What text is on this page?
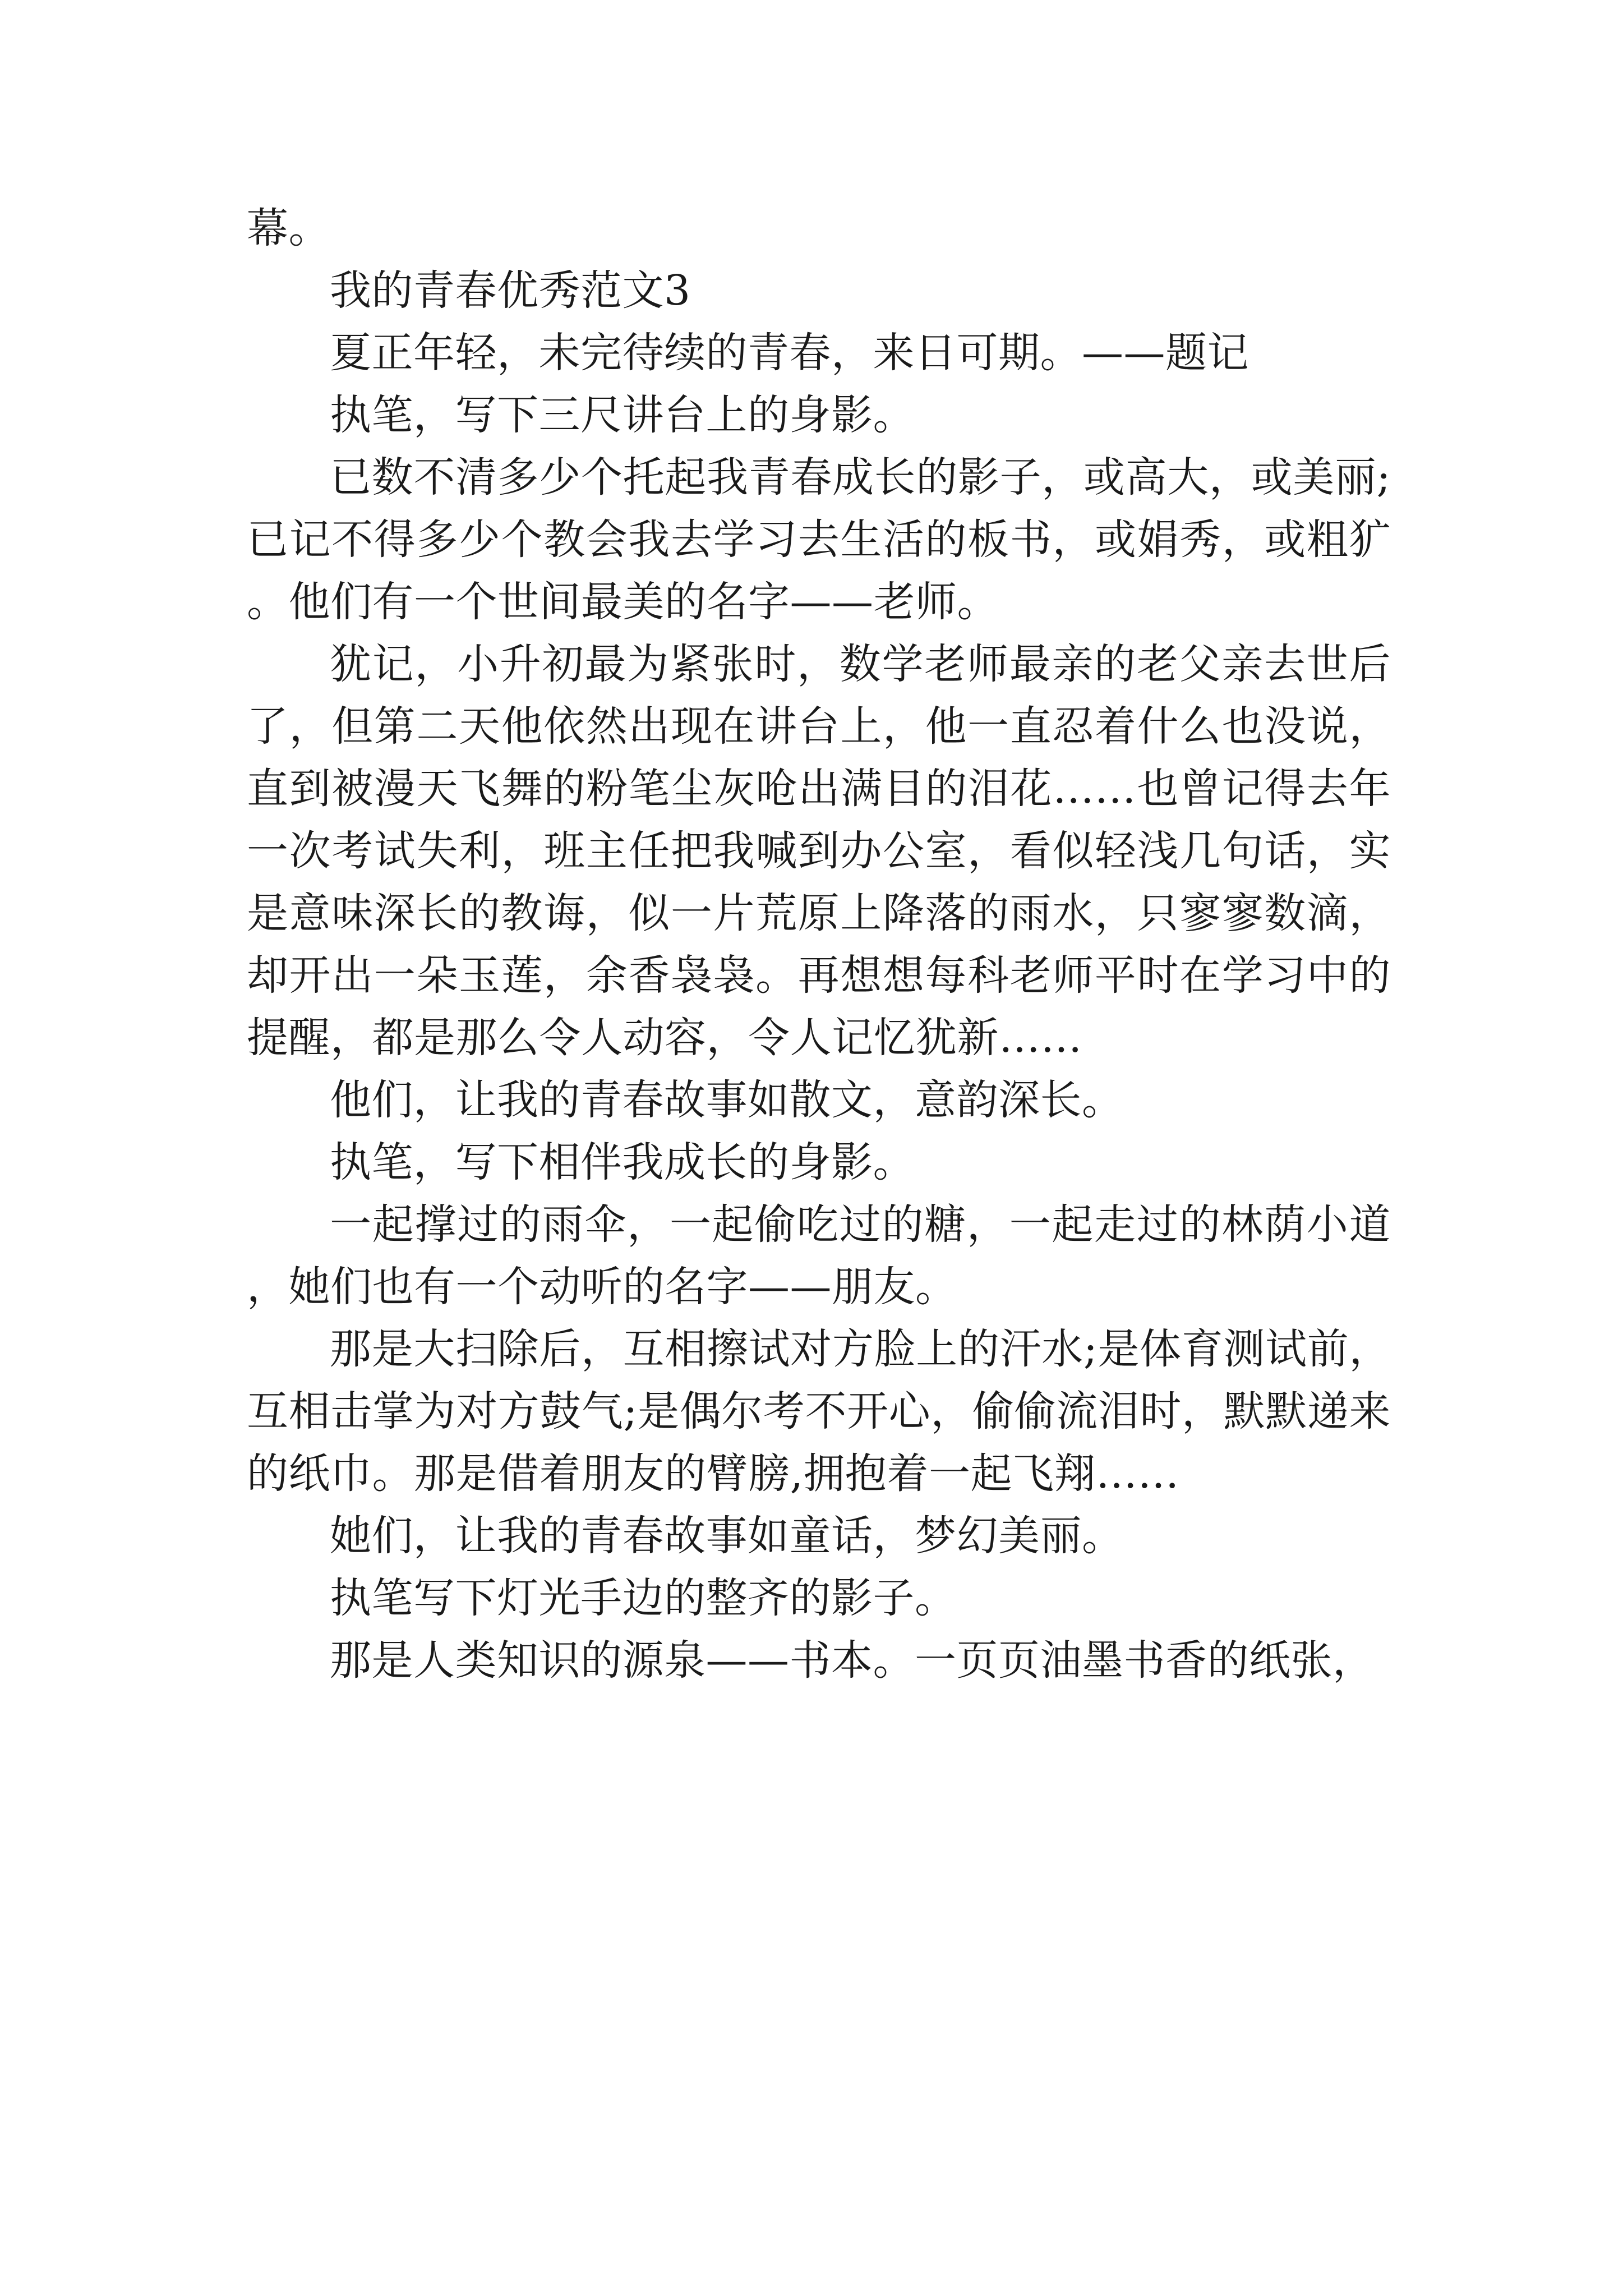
幕。

我的青春优秀范文3

夏正年轻，未完待续的青春，来日可期。——题记

执笔，写下三尺讲台上的身影。

已数不清多少个托起我青春成长的影子，或高大，或美丽;已记不得多少个教会我去学习去生活的板书，或娟秀，或粗犷。他们有一个世间最美的名字——老师。

犹记，小升初最为紧张时，数学老师最亲的老父亲去世后了，但第二天他依然出现在讲台上，他一直忍着什么也没说，直到被漫天飞舞的粉笔尘灰呛出满目的泪花……也曾记得去年一次考试失利，班主任把我喊到办公室，看似轻浅几句话，实是意味深长的教诲，似一片荒原上降落的雨水，只寥寥数滴，却开出一朵玉莲，余香袅袅。再想想每科老师平时在学习中的提醒，都是那么令人动容，令人记忆犹新……

他们，让我的青春故事如散文，意韵深长。

执笔，写下相伴我成长的身影。

一起撑过的雨伞，一起偷吃过的糖，一起走过的林荫小道，她们也有一个动听的名字——朋友。

那是大扫除后，互相擦试对方脸上的汗水;是体育测试前，互相击掌为对方鼓气;是偶尔考不开心，偷偷流泪时，默默递来的纸巾。那是借着朋友的臂膀,拥抱着一起飞翔……

她们，让我的青春故事如童话，梦幻美丽。

执笔写下灯光手边的整齐的影子。

那是人类知识的源泉——书本。一页页油墨书香的纸张，
